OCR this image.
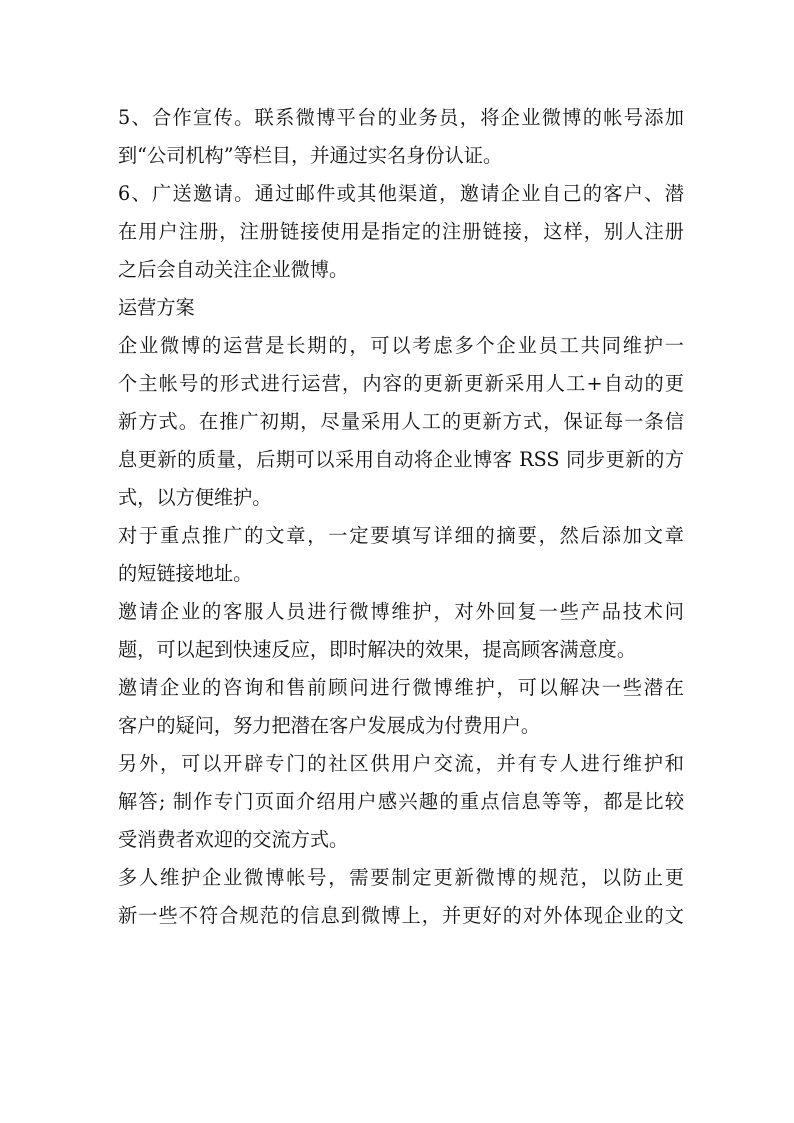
5、合作宣传。联系微博平台的业务员，将企业微博的帐号添加
到“公司机构”等栏目，并通过实名身份认证。
6、广送邀请。通过邮件或其他渠道，邀请企业自己的客户、潜
在用户注册，注册链接使用是指定的注册链接，这样，别人注册
之后会自动关注企业微博。
运营方案
企业微博的运营是长期的，可以考虑多个企业员工共同维护一
个主帐号的形式进行运营，内容的更新更新采用人工+自动的更
新方式。在推广初期，尽量采用人工的更新方式，保证每一条信
息更新的质量，后期可以采用自动将企业博客 RSS 同步更新的方
式，以方便维护。
对于重点推广的文章，一定要填写详细的摘要，然后添加文章
的短链接地址。
邀请企业的客服人员进行微博维护，对外回复一些产品技术问
题，可以起到快速反应，即时解决的效果，提高顾客满意度。
邀请企业的咨询和售前顾问进行微博维护，可以解决一些潜在
客户的疑问，努力把潜在客户发展成为付费用户。
另外，可以开辟专门的社区供用户交流，并有专人进行维护和
解答; 制作专门页面介绍用户感兴趣的重点信息等等，都是比较
受消费者欢迎的交流方式。
多人维护企业微博帐号，需要制定更新微博的规范，以防止更
新一些不符合规范的信息到微博上，并更好的对外体现企业的文
